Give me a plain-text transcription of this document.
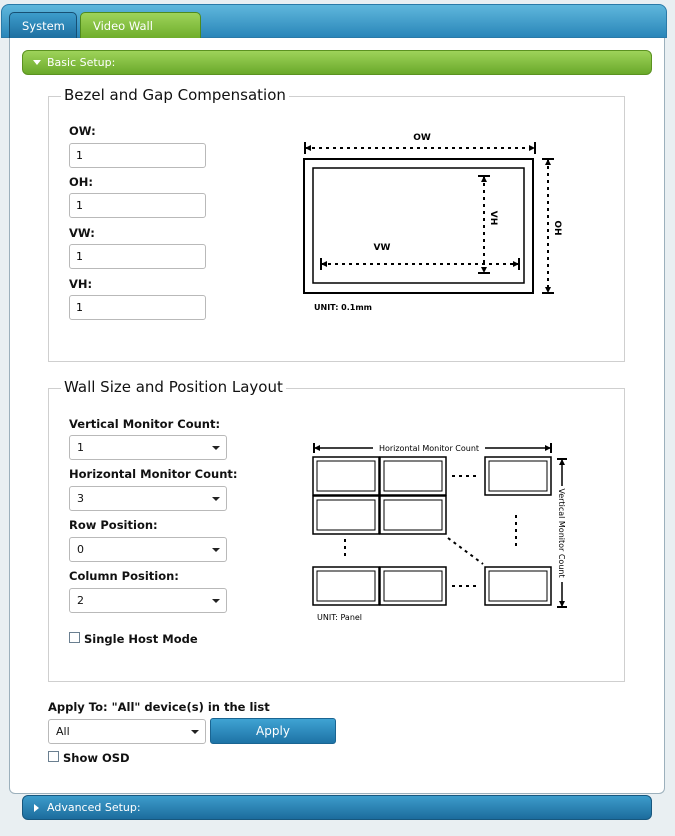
System	Video Wall
Basic Setup:
Bezel and Gap Compensation
OW:
1
OH:
1
VW:
1
VH:
1
OW
OH
VH
VW
UNIT: 0.1mm
Wall Size and Position Layout
Vertical Monitor Count:
1
Horizontal Monitor Count:
3
Row Position:
0
Column Position:
2
Single Host Mode
Horizontal Monitor Count
Vertical Monitor Count
UNIT: Panel
Apply To: "All" device(s) in the list
All	Apply
Show OSD
Advanced Setup:
